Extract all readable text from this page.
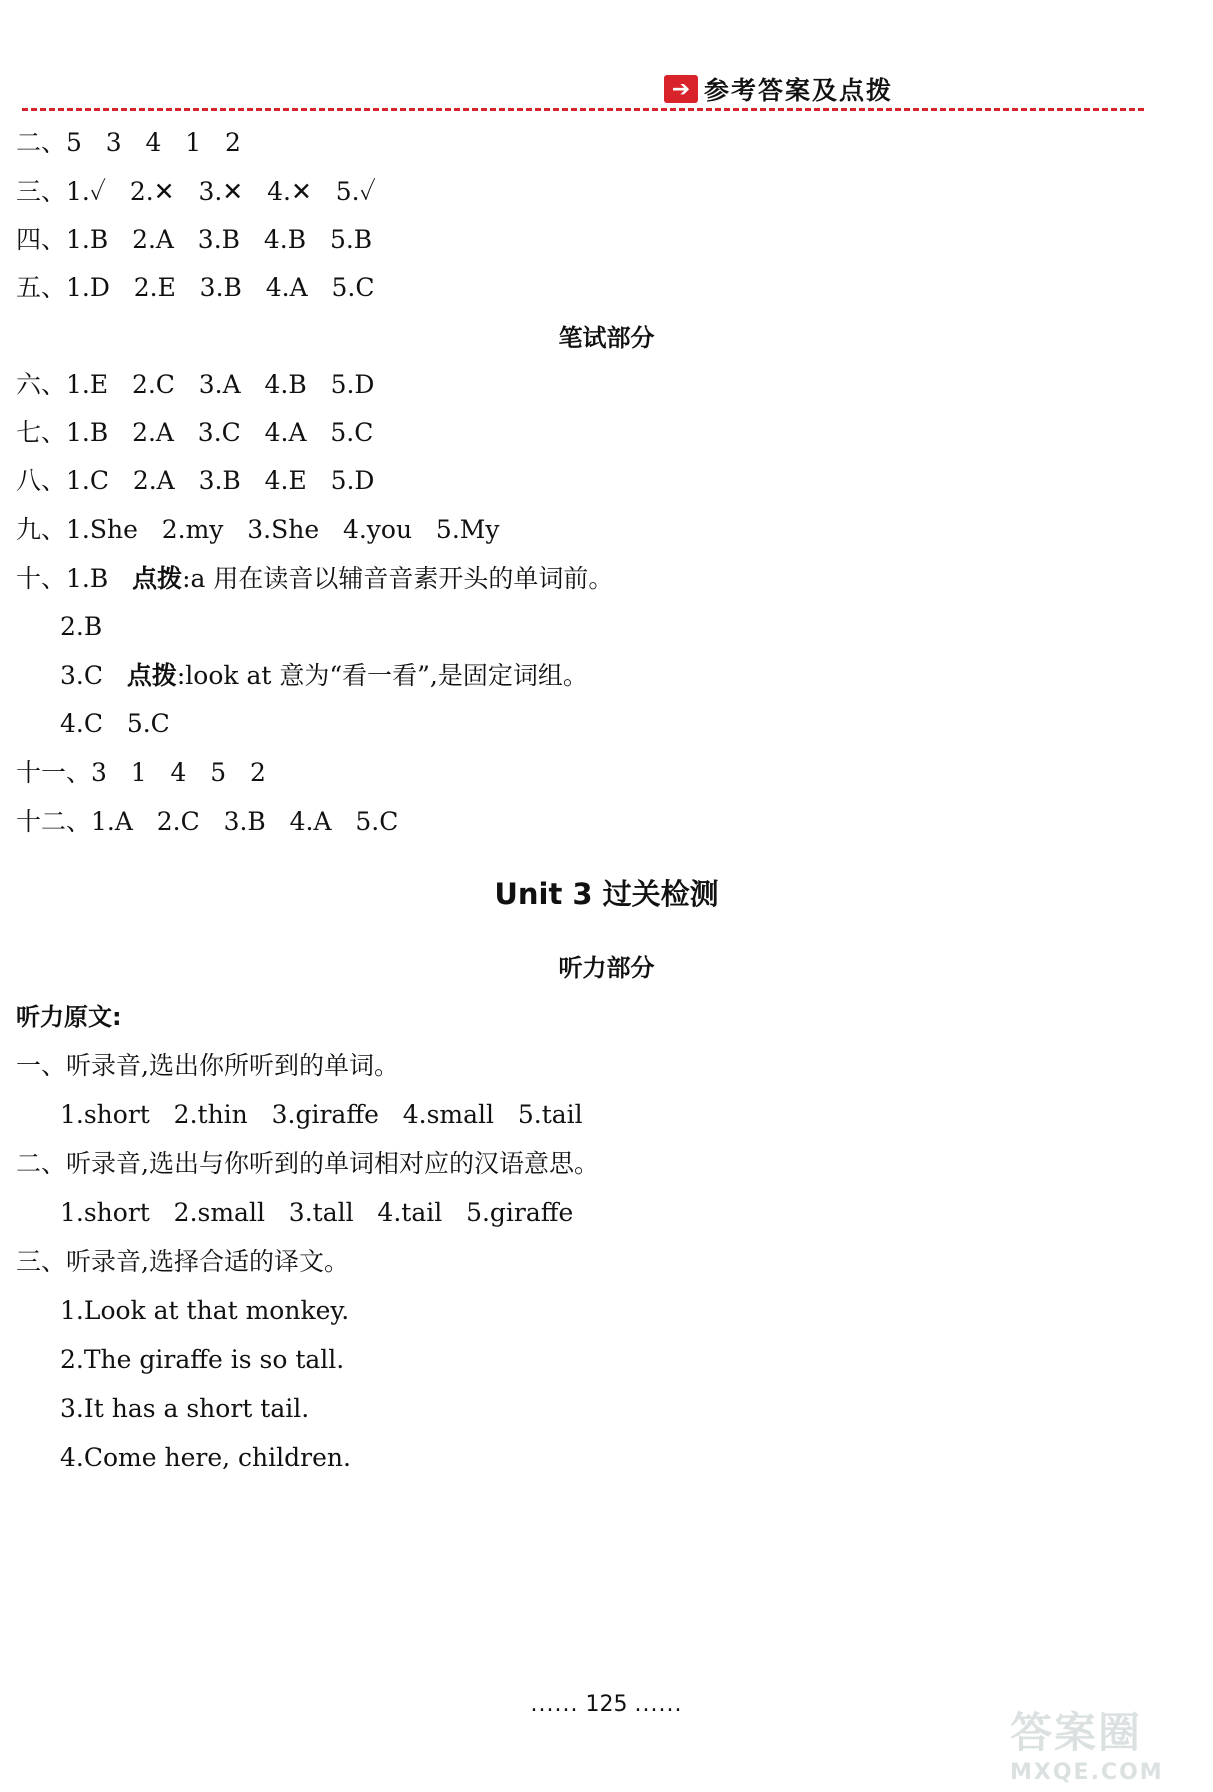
➔ 参考答案及点拨
二、5   3   4   1   2
三、1.✓   2.✕   3.✕   4.✕   5.✓
四、1.B   2.A   3.B   4.B   5.B
五、1.D   2.E   3.B   4.A   5.C
笔试部分
六、1.E   2.C   3.A   4.B   5.D
七、1.B   2.A   3.C   4.A   5.C
八、1.C   2.A   3.B   4.E   5.D
九、1.She   2.my   3.She   4.you   5.My
十、1.B   点拨:a 用在读音以辅音音素开头的单词前。
2.B
3.C   点拨:look at 意为“看一看”,是固定词组。
4.C   5.C
十一、3   1   4   5   2
十二、1.A   2.C   3.B   4.A   5.C
Unit 3 过关检测
听力部分
听力原文:
一、听录音,选出你所听到的单词。
1.short   2.thin   3.giraffe   4.small   5.tail
二、听录音,选出与你听到的单词相对应的汉语意思。
1.short   2.small   3.tall   4.tail   5.giraffe
三、听录音,选择合适的译文。
1.Look at that monkey.
2.The giraffe is so tall.
3.It has a short tail.
4.Come here, children.
...... 125 ......
答案圈
MXQE.COM
